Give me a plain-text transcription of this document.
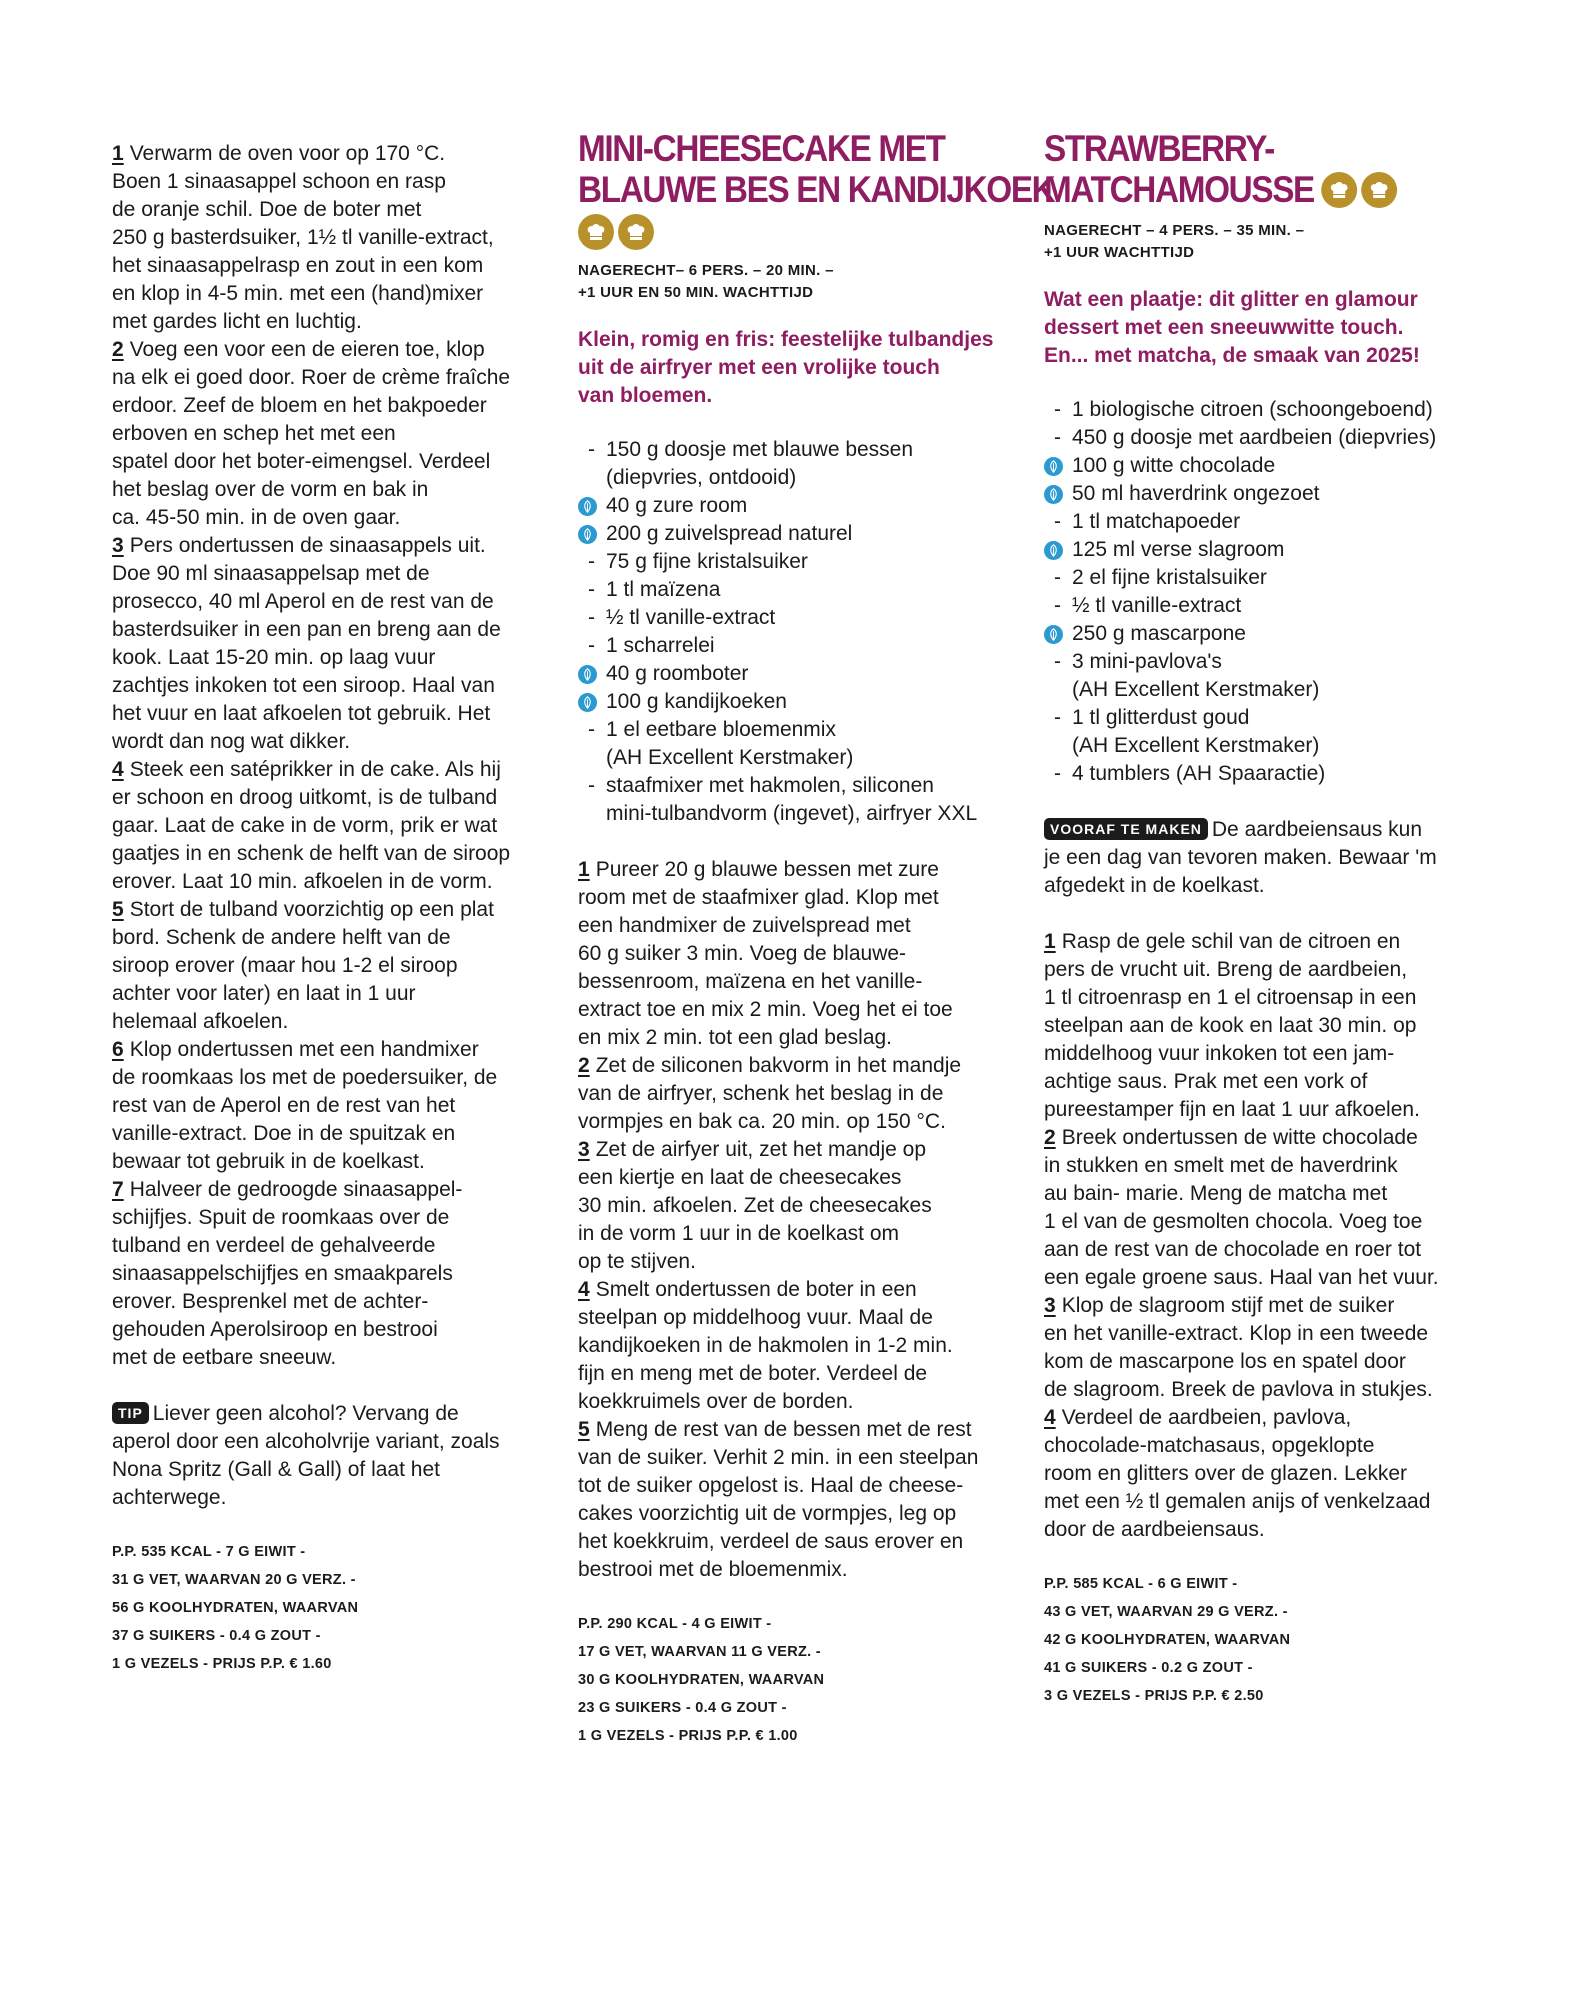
1 Verwarm de oven voor op 170 °C.
Boen 1 sinaasappel schoon en rasp
de oranje schil. Doe de boter met
250 g basterdsuiker, 1½ tl vanille-extract,
het sinaasappelrasp en zout in een kom
en klop in 4-5 min. met een (hand)mixer
met gardes licht en luchtig.

2 Voeg een voor een de eieren toe, klop
na elk ei goed door. Roer de crème fraîche
erdoor. Zeef de bloem en het bakpoeder
erboven en schep het met een
spatel door het boter-eimengsel. Verdeel
het beslag over de vorm en bak in
ca. 45-50 min. in de oven gaar.

3 Pers ondertussen de sinaasappels uit.
Doe 90 ml sinaasappelsap met de
prosecco, 40 ml Aperol en de rest van de
basterdsuiker in een pan en breng aan de
kook. Laat 15-20 min. op laag vuur
zachtjes inkoken tot een siroop. Haal van
het vuur en laat afkoelen tot gebruik. Het
wordt dan nog wat dikker.

4 Steek een satéprikker in de cake. Als hij
er schoon en droog uitkomt, is de tulband
gaar. Laat de cake in de vorm, prik er wat
gaatjes in en schenk de helft van de siroop
erover. Laat 10 min. afkoelen in de vorm.

5 Stort de tulband voorzichtig op een plat
bord. Schenk de andere helft van de
siroop erover (maar hou 1-2 el siroop
achter voor later) en laat in 1 uur
helemaal afkoelen.

6 Klop ondertussen met een handmixer
de roomkaas los met de poedersuiker, de
rest van de Aperol en de rest van het
vanille-extract. Doe in de spuitzak en
bewaar tot gebruik in de koelkast.

7 Halveer de gedroogde sinaasappel-
schijfjes. Spuit de roomkaas over de
tulband en verdeel de gehalveerde
sinaasappelschijfjes en smaakparels
erover. Besprenkel met de achter-
gehouden Aperolsiroop en bestrooi
met de eetbare sneeuw.

TIP Liever geen alcohol? Vervang de
aperol door een alcoholvrije variant, zoals
Nona Spritz (Gall & Gall) of laat het
achterwege.

P.P. 535 KCAL - 7 G EIWIT -
31 G VET, WAARVAN 20 G VERZ. -
56 G KOOLHYDRATEN, WAARVAN
37 G SUIKERS - 0.4 G ZOUT -
1 G VEZELS - PRIJS P.P. € 1.60
MINI-CHEESECAKE MET
BLAUWE BES EN KANDIJKOEK
NAGERECHT– 6 PERS. – 20 MIN. –
+1 UUR EN 50 MIN. WACHTTIJD
Klein, romig en fris: feestelijke tulbandjes
uit de airfryer met een vrolijke touch
van bloemen.
- 150 g doosje met blauwe bessen
(diepvries, ontdooid)
40 g zure room
200 g zuivelspread naturel
- 75 g fijne kristalsuiker
- 1 tl maïzena
- ½ tl vanille-extract
- 1 scharrelei
40 g roomboter
100 g kandijkoeken
- 1 el eetbare bloemenmix
(AH Excellent Kerstmaker)
- staafmixer met hakmolen, siliconen
mini-tulbandvorm (ingevet), airfryer XXL

1 Pureer 20 g blauwe bessen met zure
room met de staafmixer glad. Klop met
een handmixer de zuivelspread met
60 g suiker 3 min. Voeg de blauwe-
bessenroom, maïzena en het vanille-
extract toe en mix 2 min. Voeg het ei toe
en mix 2 min. tot een glad beslag.

2 Zet de siliconen bakvorm in het mandje
van de airfryer, schenk het beslag in de
vormpjes en bak ca. 20 min. op 150 °C.

3 Zet de airfyer uit, zet het mandje op
een kiertje en laat de cheesecakes
30 min. afkoelen. Zet de cheesecakes
in de vorm 1 uur in de koelkast om
op te stijven.

4 Smelt ondertussen de boter in een
steelpan op middelhoog vuur. Maal de
kandijkoeken in de hakmolen in 1-2 min.
fijn en meng met de boter. Verdeel de
koekkruimels over de borden.

5 Meng de rest van de bessen met de rest
van de suiker. Verhit 2 min. in een steelpan
tot de suiker opgelost is. Haal de cheese-
cakes voorzichtig uit de vormpjes, leg op
het koekkruim, verdeel de saus erover en
bestrooi met de bloemenmix.

P.P. 290 KCAL - 4 G EIWIT -
17 G VET, WAARVAN 11 G VERZ. -
30 G KOOLHYDRATEN, WAARVAN
23 G SUIKERS - 0.4 G ZOUT -
1 G VEZELS - PRIJS P.P. € 1.00
STRAWBERRY-
MATCHAMOUSSE
NAGERECHT – 4 PERS. – 35 MIN. –
+1 UUR WACHTTIJD
Wat een plaatje: dit glitter en glamour
dessert met een sneeuwwitte touch.
En... met matcha, de smaak van 2025!
- 1 biologische citroen (schoongeboend)
- 450 g doosje met aardbeien (diepvries)
100 g witte chocolade
50 ml haverdrink ongezoet
- 1 tl matchapoeder
125 ml verse slagroom
- 2 el fijne kristalsuiker
- ½ tl vanille-extract
250 g mascarpone
- 3 mini-pavlova's
(AH Excellent Kerstmaker)
- 1 tl glitterdust goud
(AH Excellent Kerstmaker)
- 4 tumblers (AH Spaaractie)

VOORAF TE MAKEN De aardbeiensaus kun
je een dag van tevoren maken. Bewaar 'm
afgedekt in de koelkast.

1 Rasp de gele schil van de citroen en
pers de vrucht uit. Breng de aardbeien,
1 tl citroenrasp en 1 el citroensap in een
steelpan aan de kook en laat 30 min. op
middelhoog vuur inkoken tot een jam-
achtige saus. Prak met een vork of
pureestamper fijn en laat 1 uur afkoelen.

2 Breek ondertussen de witte chocolade
in stukken en smelt met de haverdrink
au bain- marie. Meng de matcha met
1 el van de gesmolten chocola. Voeg toe
aan de rest van de chocolade en roer tot
een egale groene saus. Haal van het vuur.

3 Klop de slagroom stijf met de suiker
en het vanille-extract. Klop in een tweede
kom de mascarpone los en spatel door
de slagroom. Breek de pavlova in stukjes.

4 Verdeel de aardbeien, pavlova,
chocolade-matchasaus, opgeklopte
room en glitters over de glazen. Lekker
met een ½ tl gemalen anijs of venkelzaad
door de aardbeiensaus.

P.P. 585 KCAL - 6 G EIWIT -
43 G VET, WAARVAN 29 G VERZ. -
42 G KOOLHYDRATEN, WAARVAN
41 G SUIKERS - 0.2 G ZOUT -
3 G VEZELS - PRIJS P.P. € 2.50
